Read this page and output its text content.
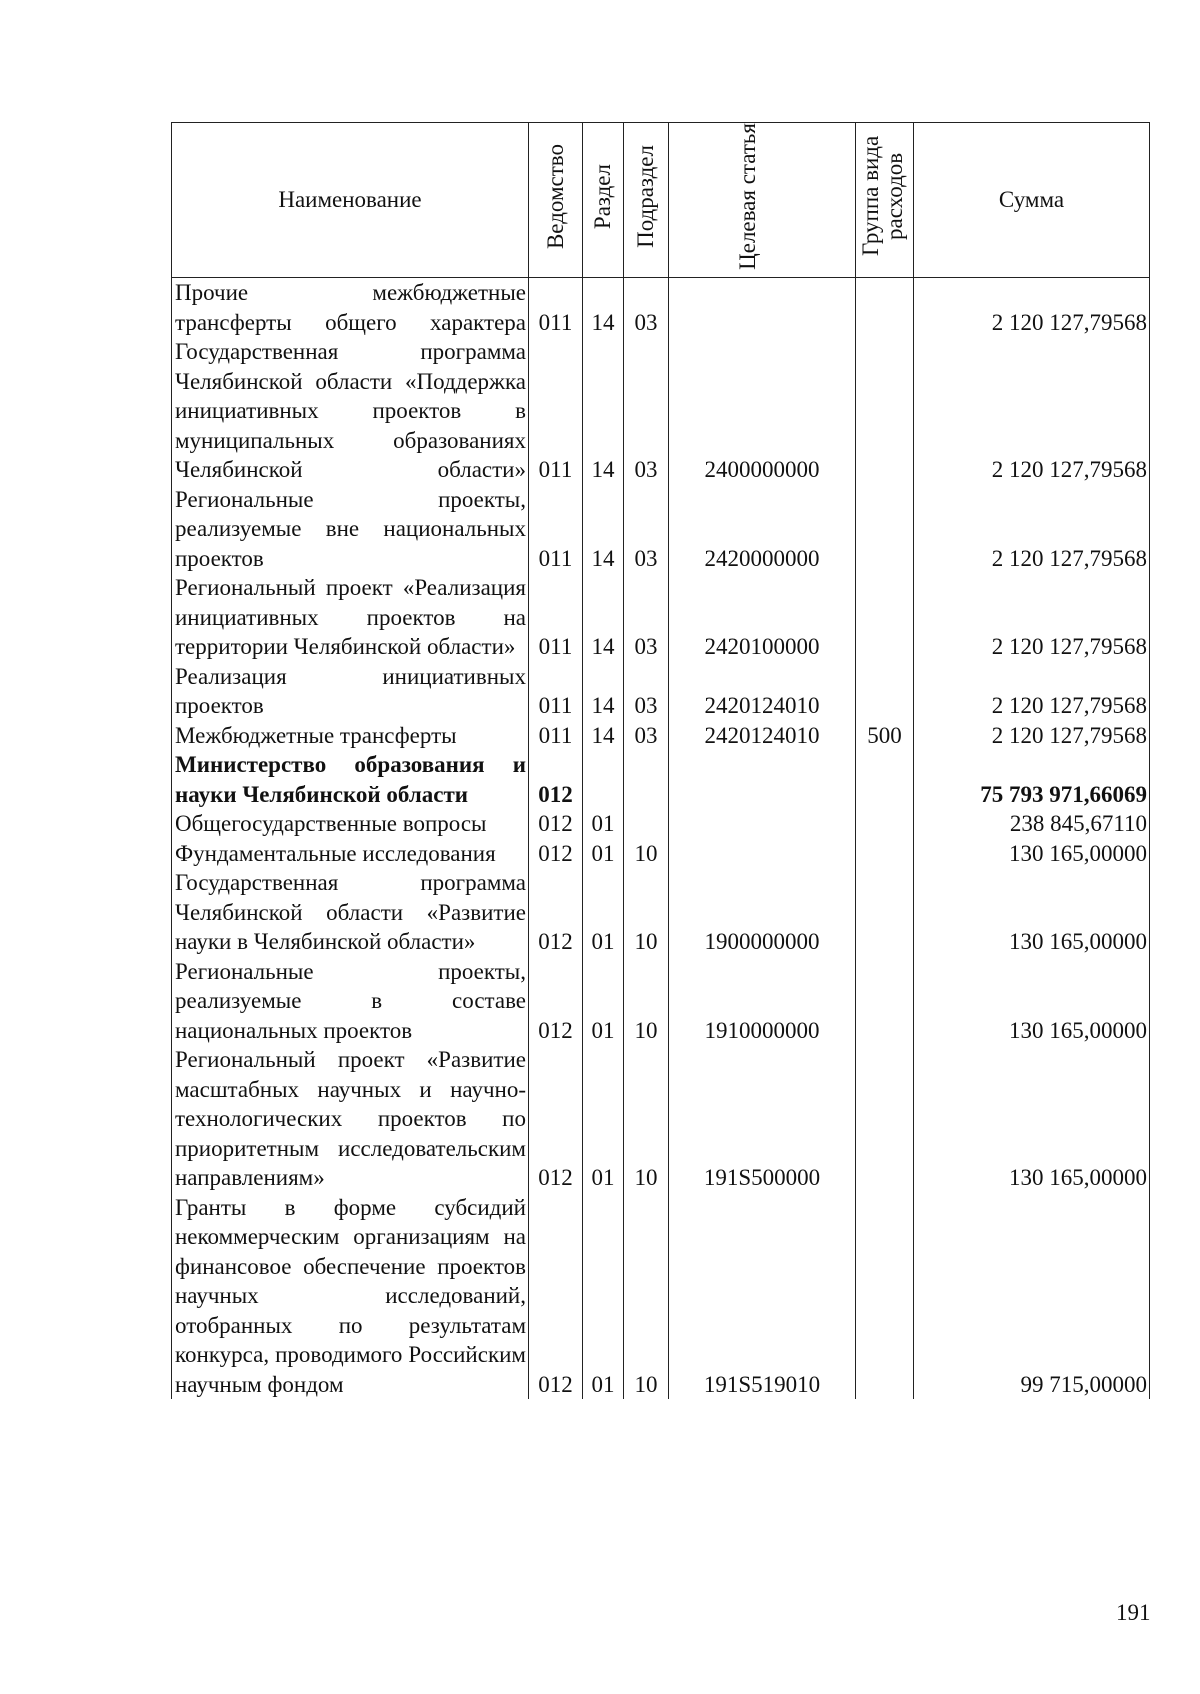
Наименование	Ведомство	Раздел	Подраздел	Целевая статья	Группа вида расходов	Сумма
Прочие межбюджетные трансферты общего характера	011	14	03			2 120 127,79568
Государственная программа Челябинской области «Поддержка инициативных проектов в муниципальных образованиях Челябинской области»	011	14	03	2400000000		2 120 127,79568
Региональные проекты, реализуемые вне национальных проектов	011	14	03	2420000000		2 120 127,79568
Региональный проект «Реализация инициативных проектов на территории Челябинской области»	011	14	03	2420100000		2 120 127,79568
Реализация инициативных проектов	011	14	03	2420124010		2 120 127,79568
Межбюджетные трансферты	011	14	03	2420124010	500	2 120 127,79568
Министерство образования и науки Челябинской области	012					75 793 971,66069
Общегосударственные вопросы	012	01				238 845,67110
Фундаментальные исследования	012	01	10			130 165,00000
Государственная программа Челябинской области «Развитие науки в Челябинской области»	012	01	10	1900000000		130 165,00000
Региональные проекты, реализуемые в составе национальных проектов	012	01	10	1910000000		130 165,00000
Региональный проект «Развитие масштабных научных и научно-технологических проектов по приоритетным исследовательским направлениям»	012	01	10	191S500000		130 165,00000
Гранты в форме субсидий некоммерческим организациям на финансовое обеспечение проектов научных исследований, отобранных по результатам конкурса, проводимого Российским научным фондом	012	01	10	191S519010		99 715,00000
191
